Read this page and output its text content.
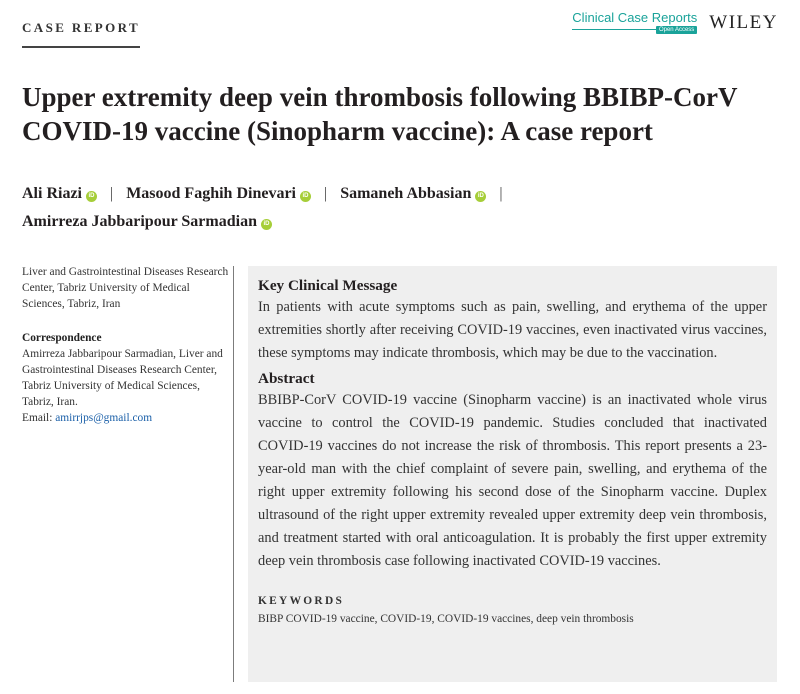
CASE REPORT
Clinical Case Reports
Open Access WILEY
Upper extremity deep vein thrombosis following BBIBP-CorV COVID-19 vaccine (Sinopharm vaccine): A case report
Ali Riazi iD | Masood Faghih Dinevari iD | Samaneh Abbasian iD |
Amirreza Jabbaripour Sarmadian iD

Liver and Gastrointestinal Diseases Research Center, Tabriz University of Medical Sciences, Tabriz, Iran

Correspondence

Amirreza Jabbaripour Sarmadian, Liver and Gastrointestinal Diseases Research Center, Tabriz University of Medical Sciences, Tabriz, Iran.

Email: amirrjps@gmail.com

Key Clinical Message

In patients with acute symptoms such as pain, swelling, and erythema of the upper extremities shortly after receiving COVID-19 vaccines, even inactivated virus vaccines, these symptoms may indicate thrombosis, which may be due to the vaccination.

Abstract

BBIBP-CorV COVID-19 vaccine (Sinopharm vaccine) is an inactivated whole virus vaccine to control the COVID-19 pandemic. Studies concluded that inactivated COVID-19 vaccines do not increase the risk of thrombosis. This report presents a 23-year-old man with the chief complaint of severe pain, swelling, and erythema of the right upper extremity following his second dose of the Sinopharm vaccine. Duplex ultrasound of the right upper extremity revealed upper extremity deep vein thrombosis, and treatment started with oral anticoagulation. It is probably the first upper extremity deep vein thrombosis case following inactivated COVID-19 vaccines.

KEYWORDS
BIBP COVID-19 vaccine, COVID-19, COVID-19 vaccines, deep vein thrombosis
